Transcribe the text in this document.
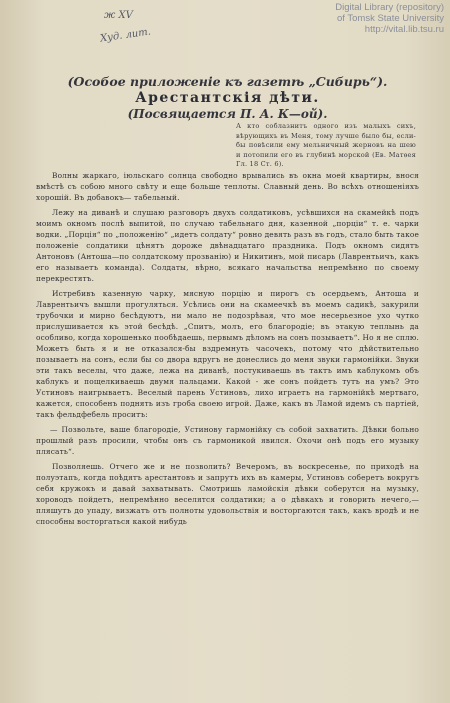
Digital Library (repository)
of Tomsk State University
http://vital.lib.tsu.ru
ж XV
Худ. лит.
(Особое приложенiе къ газетѣ „Сибирь“).
Арестантскiя дѣти.
(Посвящается П. А. К—ой).
А кто соблазнитъ одного изъ малыхъ сихъ, вѣрующихъ въ Меня, тому лучше было бы, если-бы повѣсили ему мельничный жерновъ на шею и потопили его въ глубинѣ морской (Ев. Матѳея Гл. 18 Ст. 6).

Волны жаркаго, iюльскаго солнца свободно врывались въ окна моей квартиры, внося вмѣстѣ съ собою много свѣту и еще больше теплоты. Славный день. Во всѣхъ отношенiяхъ хорошiй. Въ добавокъ— табельный.

Лежу на диванѣ и слушаю разговоръ двухъ солдатиковъ, усѣвшихся на скамейкѣ подъ моимъ окномъ послѣ выпитой, по случаю табельнаго дня, казенной „порцiи“ т. е. чарки водки. „Порцiя“ по „положенiю“ „идетъ солдату“ ровно девять разъ въ годъ, стало быть такое положенiе солдатики цѣнятъ дороже двѣнадцатаго праздника. Подъ окномъ сидятъ Антоновъ (Антоша—по солдатскому прозванiю) и Никитинъ, мой писарь (Лаврентьичъ, какъ его называетъ команда). Солдаты, вѣрно, всякаго начальства непремѣнно по своему перекрестятъ.

Истребивъ казенную чарку, мясную порцiю и пирогъ съ осердьемъ, Антоша и Лаврентьичъ вышли прогуляться. Усѣлись они на скамеечкѣ въ моемъ садикѣ, закурили трубочки и мирно бесѣдуютъ, ни мало не подозрѣвая, что мое несерьезное ухо чутко прислушивается къ этой бесѣдѣ. „Спитъ, молъ, его благородiе; въ этакую теплынь да особливо, когда хорошенько пообѣдаешь, первымъ дѣломъ на сонъ позываетъ“. Но я не сплю. Можетъ быть я и не отказался-бы вздремнуть часочекъ, потому что дѣйствительно позываетъ на сонъ, если бы со двора вдругъ не донеслись до меня звуки гармонiйки. Звуки эти такъ веселы, что даже, лежа на диванѣ, постукиваешь въ тактъ имъ каблукомъ объ каблукъ и пощелкиваешь двумя пальцами. Какой - же сонъ пойдетъ тутъ на умъ? Это Устиновъ наигрываетъ. Веселый парень Устиновъ, лихо играетъ на гармонiйкѣ мертваго, кажется, способенъ поднять изъ гроба своею игрой. Даже, какъ въ Ламой идемъ съ партiей, такъ фельдфебель проситъ:

— Позвольте, ваше благородiе, Устинову гармонiйку съ собой захватить. Дѣвки больно прошлый разъ просили, чтобы онъ съ гармоникой явился. Охочи онѣ подъ его музыку плясать“.

Позволяешь. Отчего же и не позволить? Вечеромъ, въ воскресенье, по приходѣ на полуэтапъ, когда поѣдятъ арестантовъ и запрутъ ихъ въ камеры, Устиновъ соберетъ вокругъ себя кружокъ и давай захватывать. Смотришь ламойскiя дѣвки соберутся на музыку, хороводъ пойдетъ, непремѣнно веселятся солдатики; а о дѣвкахъ и говорить нечего,—пляшутъ до упаду, визжатъ отъ полноты удовольствiя и восторгаются такъ, какъ вродѣ и не способны восторгаться какой нибудь
